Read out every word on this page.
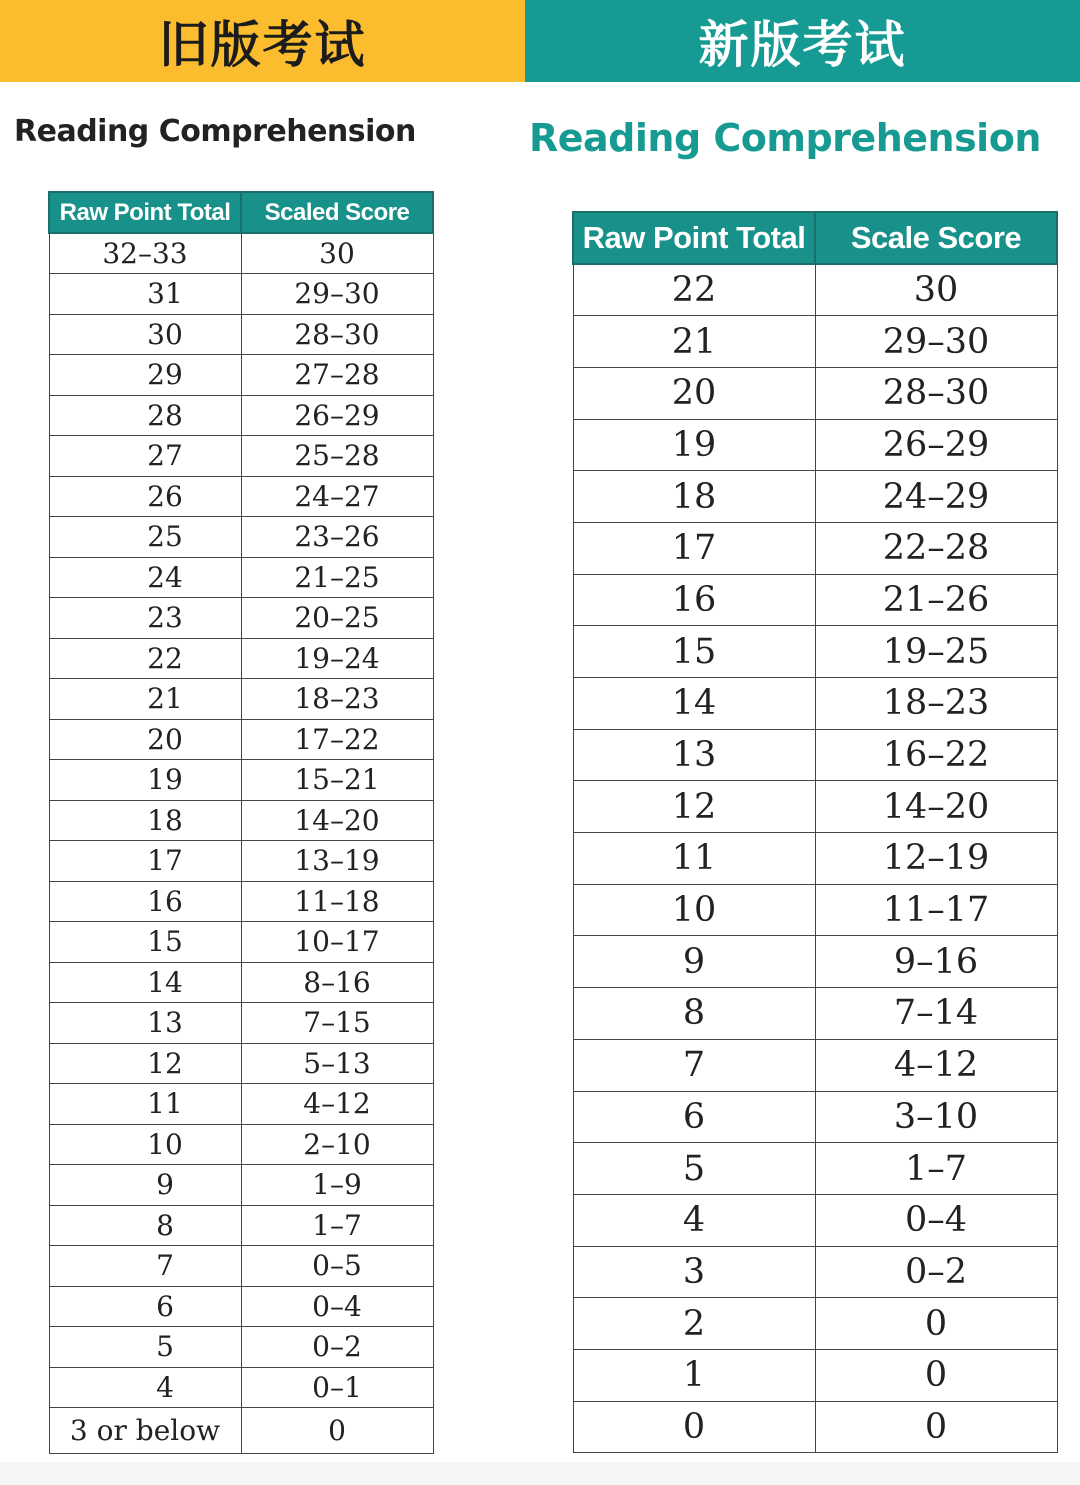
旧版考试	新版考试
Reading Comprehension	Reading Comprehension
Raw Point Total	Scaled Score
32–33	30
31	29–30
30	28–30
29	27–28
28	26–29
27	25–28
26	24–27
25	23–26
24	21–25
23	20–25
22	19–24
21	18–23
20	17–22
19	15–21
18	14–20
17	13–19
16	11–18
15	10–17
14	8–16
13	7–15
12	5–13
11	4–12
10	2–10
9	1–9
8	1–7
7	0–5
6	0–4
5	0–2
4	0–1
3 or below	0
Raw Point Total	Scale Score
22	30
21	29–30
20	28–30
19	26–29
18	24–29
17	22–28
16	21–26
15	19–25
14	18–23
13	16–22
12	14–20
11	12–19
10	11–17
9	9–16
8	7–14
7	4–12
6	3–10
5	1–7
4	0–4
3	0–2
2	0
1	0
0	0
